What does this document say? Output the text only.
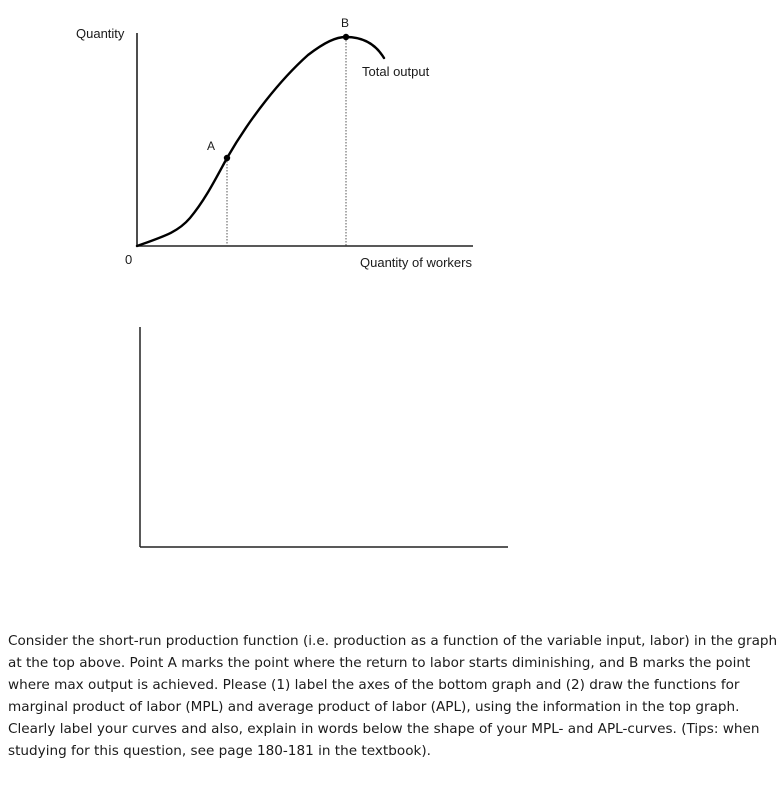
Quantity
0	Quantity of workers
Total output
A
B

Consider the short-run production function (i.e. production as a function of the variable input, labor) in the graph at the top above. Point A marks the point where the return to labor starts diminishing, and B marks the point where max output is achieved. Please (1) label the axes of the bottom graph and (2) draw the functions for marginal product of labor (MPL) and average product of labor (APL), using the information in the top graph. Clearly label your curves and also, explain in words below the shape of your MPL- and APL-curves. (Tips: when studying for this question, see page 180-181 in the textbook).
